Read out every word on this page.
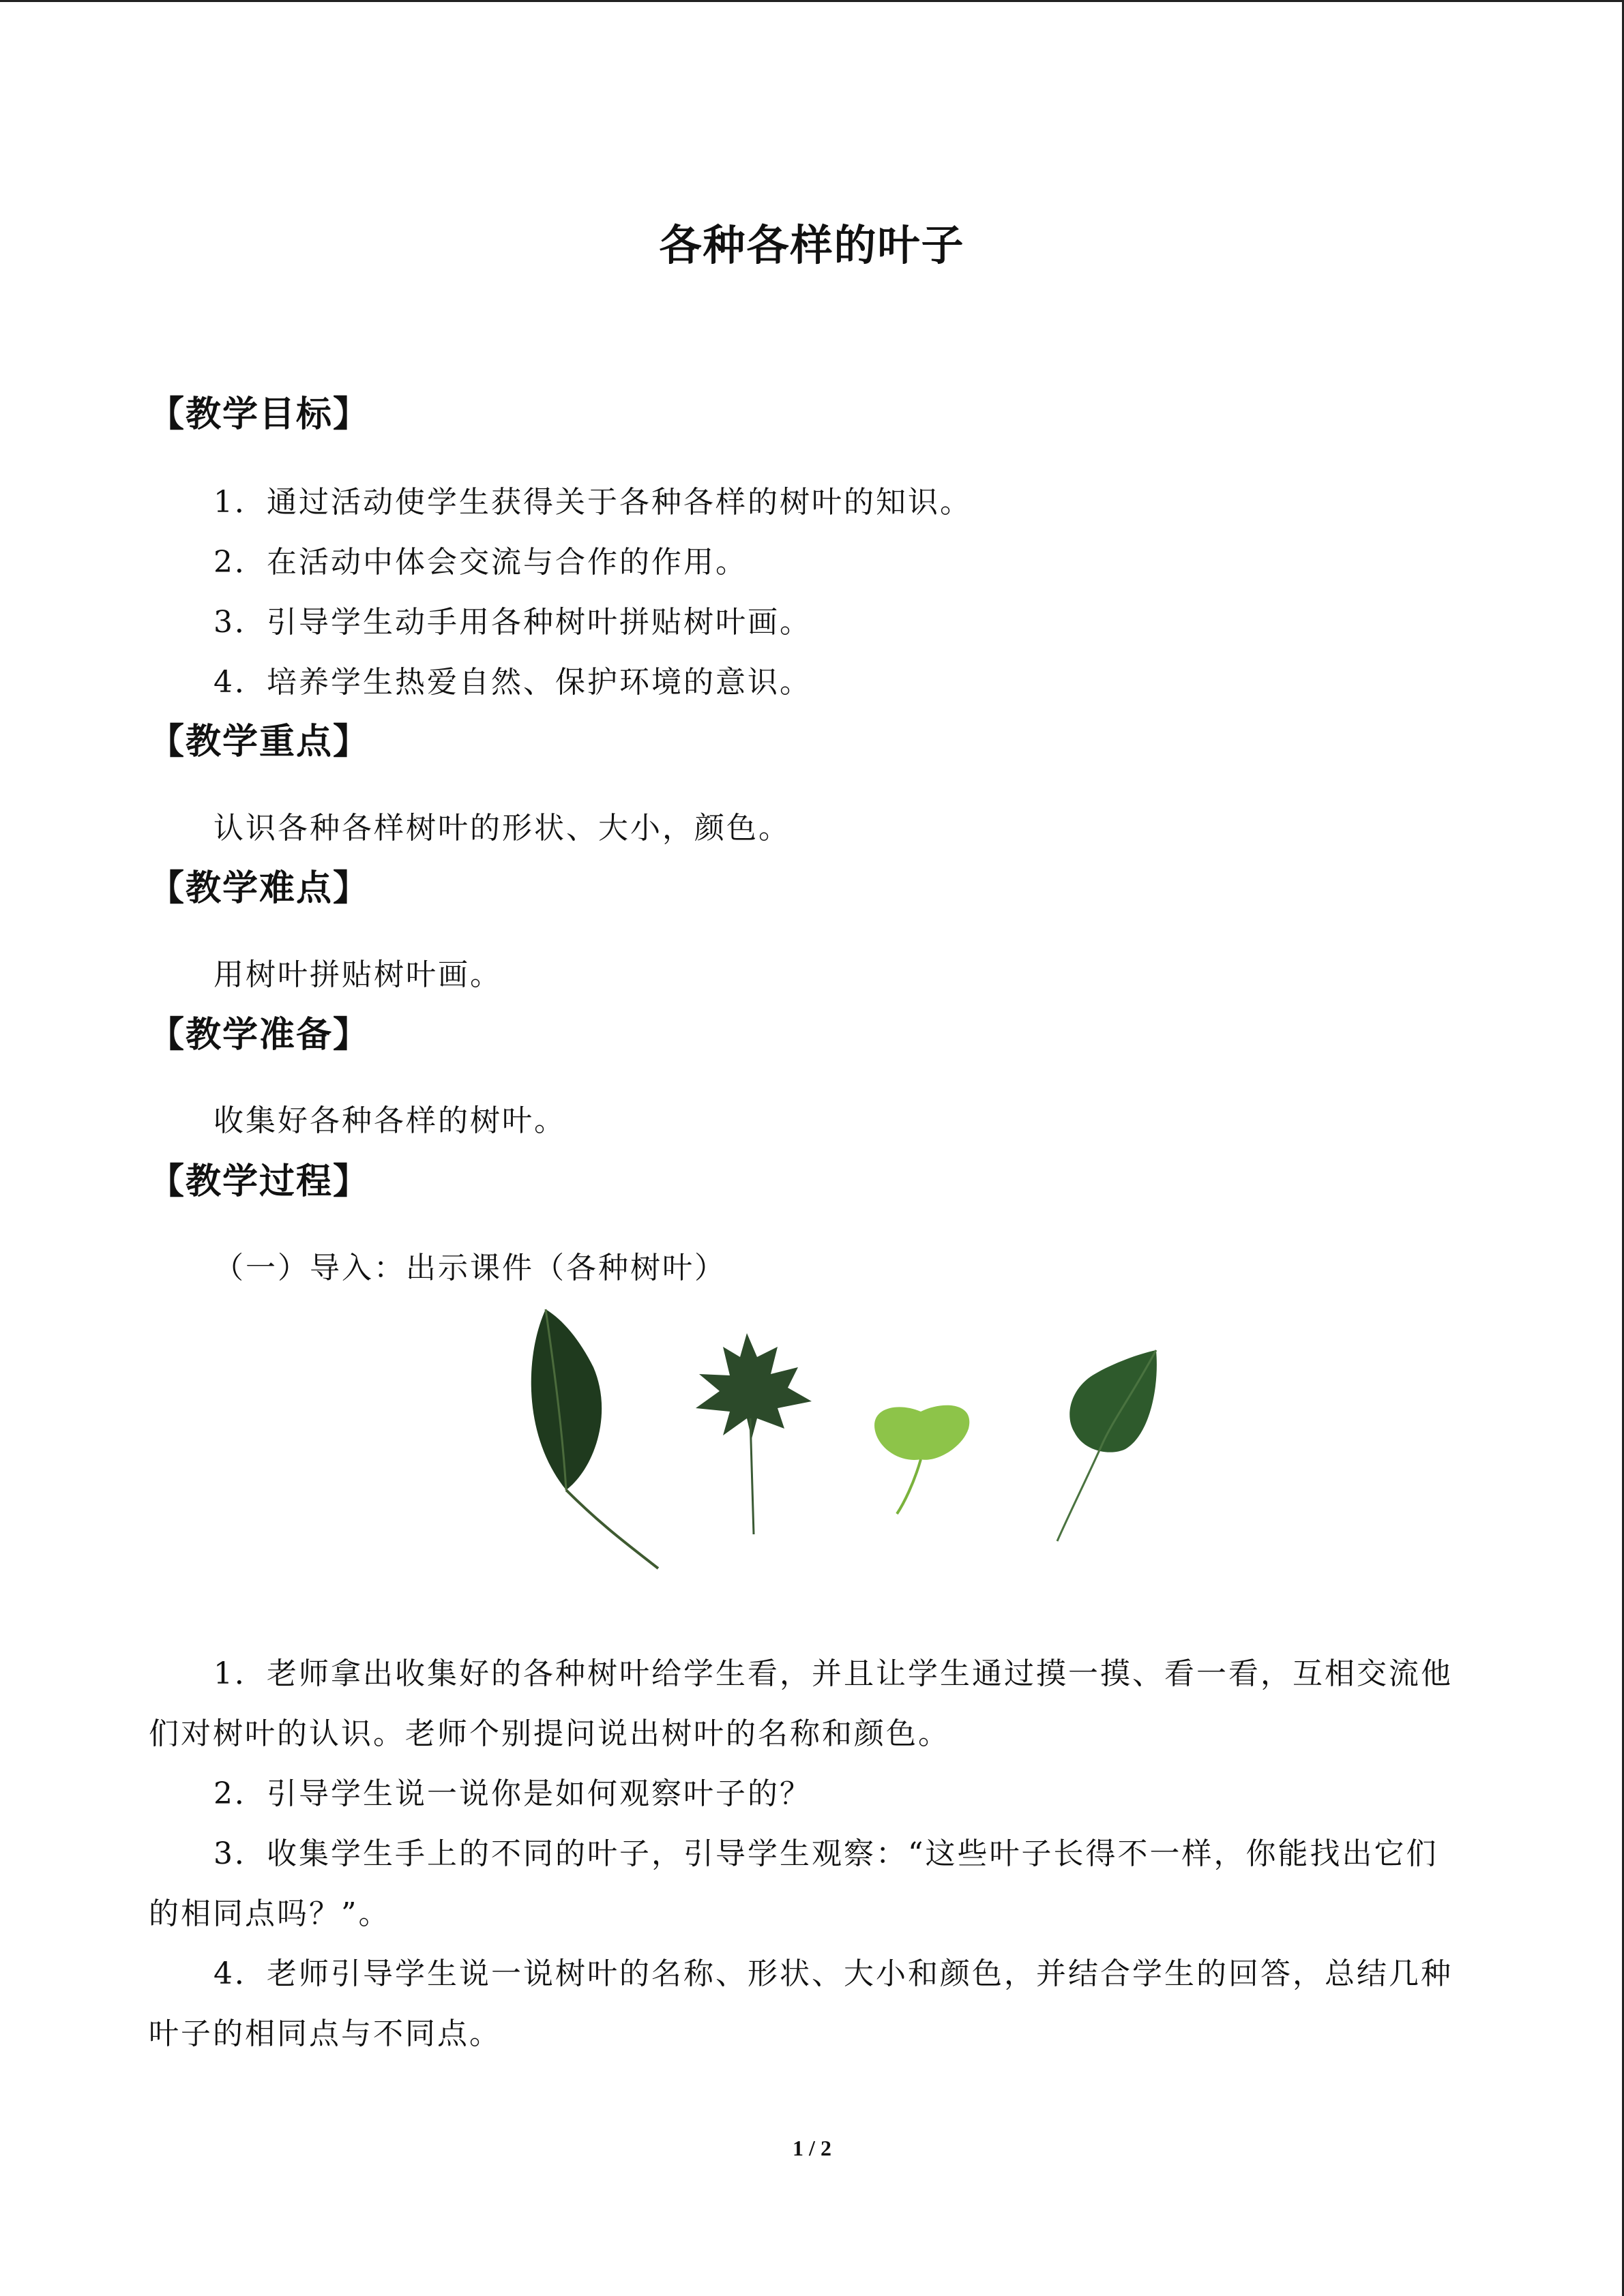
各种各样的叶子
【教学目标】
1．通过活动使学生获得关于各种各样的树叶的知识。
2．在活动中体会交流与合作的作用。
3．引导学生动手用各种树叶拼贴树叶画。
4．培养学生热爱自然、保护环境的意识。
【教学重点】
认识各种各样树叶的形状、大小，颜色。
【教学难点】
用树叶拼贴树叶画。
【教学准备】
收集好各种各样的树叶。
【教学过程】
（一）导入：出示课件（各种树叶）
1．老师拿出收集好的各种树叶给学生看，并且让学生通过摸一摸、看一看，互相交流他
们对树叶的认识。老师个别提问说出树叶的名称和颜色。
2．引导学生说一说你是如何观察叶子的？
3．收集学生手上的不同的叶子，引导学生观察：“这些叶子长得不一样，你能找出它们
的相同点吗？”。
4．老师引导学生说一说树叶的名称、形状、大小和颜色，并结合学生的回答，总结几种
叶子的相同点与不同点。
1 / 2
